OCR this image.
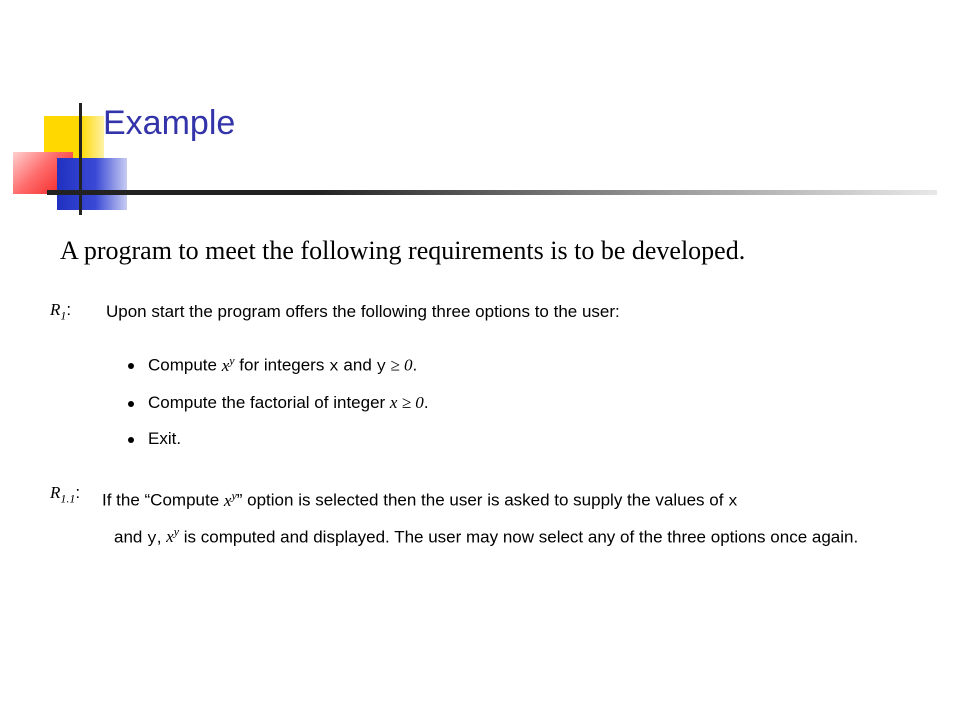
Example
A program to meet the following requirements is to be developed.
$R_1$: Upon start the program offers the following three options to the user:
Compute $x^y$ for integers x and y ≥ 0.
Compute the factorial of integer x ≥ 0.
Exit.
$R_{1.1}$: If the “Compute $x^y$” option is selected then the user is asked to supply the values of x
and y, $x^y$ is computed and displayed. The user may now select any of the three options once again.
